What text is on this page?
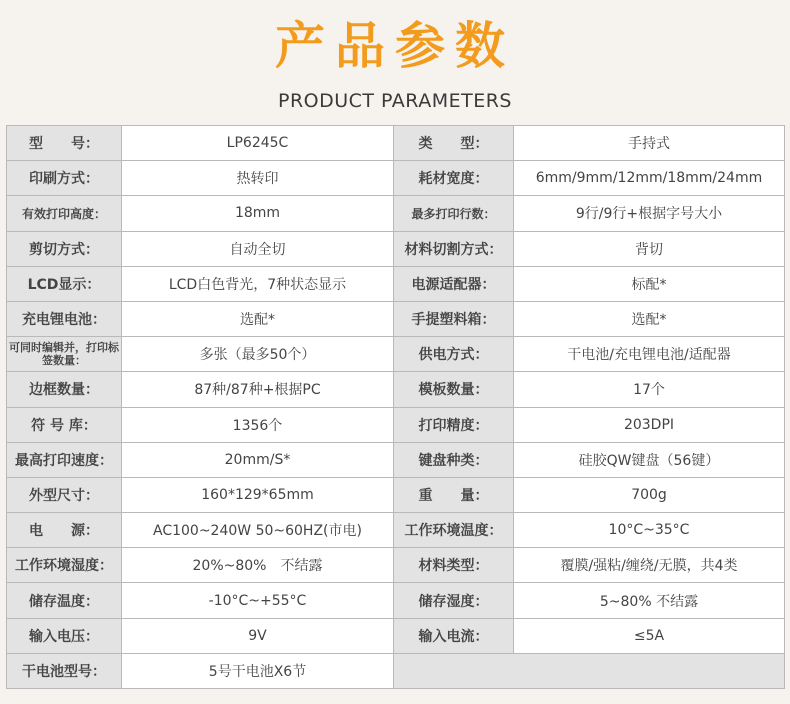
产品参数
PRODUCT PARAMETERS
型　　号：	LP6245C	类　　型：	手持式
印刷方式：	热转印	耗材宽度：	6mm/9mm/12mm/18mm/24mm
有效打印高度：	18mm	最多打印行数：	9行/9行+根据字号大小
剪切方式：	自动全切	材料切割方式：	背切
LCD显示：	LCD白色背光，7种状态显示	电源适配器：	标配*
充电锂电池：	选配*	手提塑料箱：	选配*
可同时编辑并，打印标签数量：	多张（最多50个）	供电方式：	干电池/充电锂电池/适配器
边框数量：	87种/87种+根据PC	模板数量：	17个
符 号 库：	1356个	打印精度：	203DPI
最高打印速度：	20mm/S*	键盘种类：	硅胶QW键盘（56键）
外型尺寸：	160*129*65mm	重　　量：	700g
电　　源：	AC100~240W 50~60HZ(市电)	工作环境温度：	10°C~35°C
工作环境湿度：	20%~80%　不结露	材料类型：	覆膜/强粘/缠绕/无膜，共4类
储存温度：	-10°C~+55°C	储存湿度：	5~80% 不结露
输入电压：	9V	输入电流：	≤5A
干电池型号：	5号干电池X6节		
